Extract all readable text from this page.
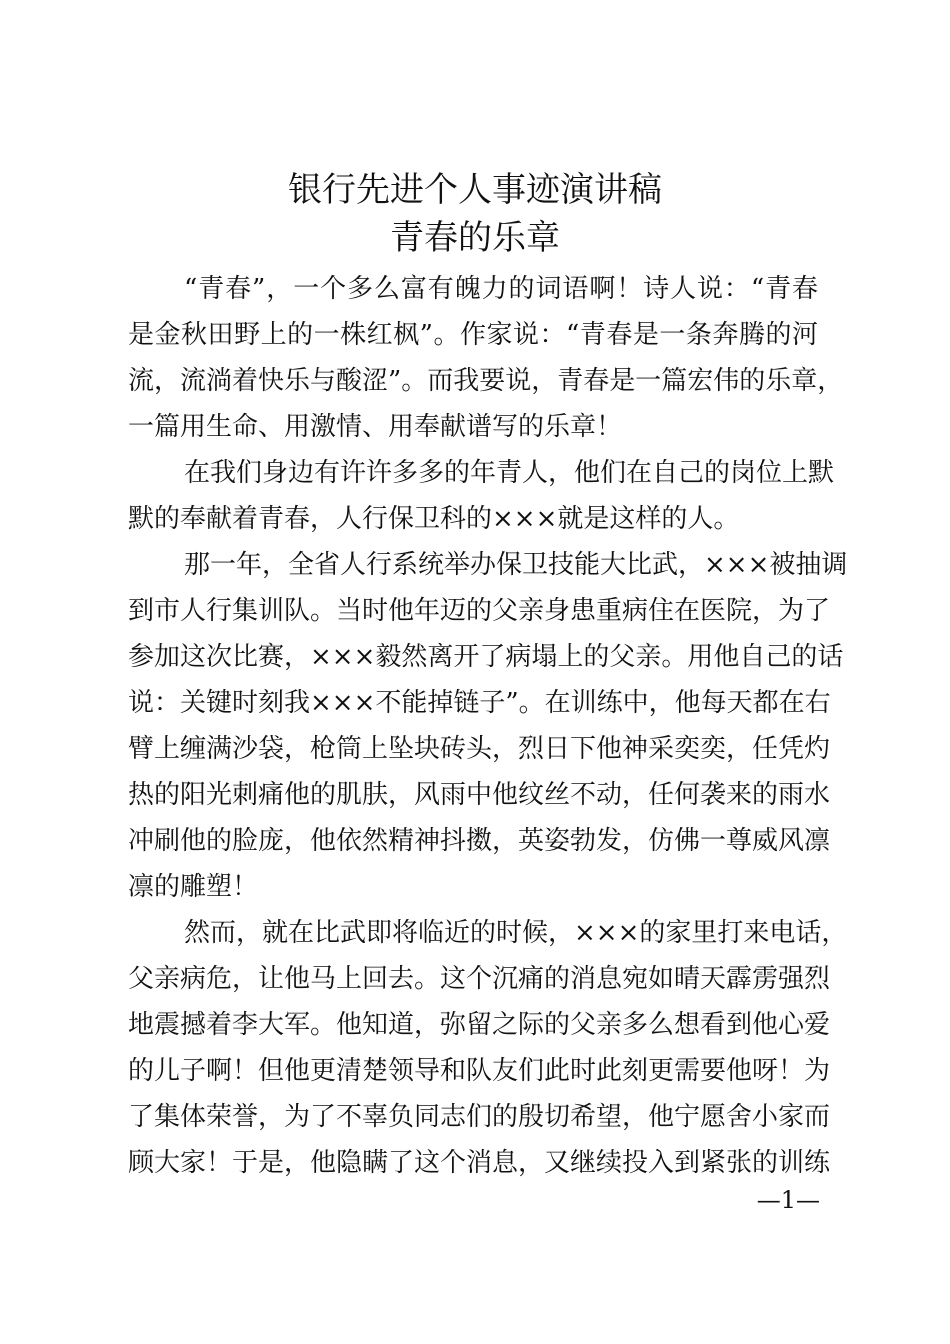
银行先进个人事迹演讲稿
青春的乐章
“青春”，一个多么富有魄力的词语啊！诗人说：“青春
是金秋田野上的一株红枫”。作家说：“青春是一条奔腾的河
流，流淌着快乐与酸涩”。而我要说，青春是一篇宏伟的乐章，
一篇用生命、用激情、用奉献谱写的乐章！
在我们身边有许许多多的年青人，他们在自己的岗位上默
默的奉献着青春，人行保卫科的×××就是这样的人。
那一年，全省人行系统举办保卫技能大比武，×××被抽调
到市人行集训队。当时他年迈的父亲身患重病住在医院，为了
参加这次比赛，×××毅然离开了病塌上的父亲。用他自己的话
说：关键时刻我×××不能掉链子”。在训练中，他每天都在右
臂上缠满沙袋，枪筒上坠块砖头，烈日下他神采奕奕，任凭灼
热的阳光刺痛他的肌肤，风雨中他纹丝不动，任何袭来的雨水
冲刷他的脸庞，他依然精神抖擞，英姿勃发，仿佛一尊威风凛
凛的雕塑！
然而，就在比武即将临近的时候，×××的家里打来电话，
父亲病危，让他马上回去。这个沉痛的消息宛如晴天霹雳强烈
地震撼着李大军。他知道，弥留之际的父亲多么想看到他心爱
的儿子啊！但他更清楚领导和队友们此时此刻更需要他呀！为
了集体荣誉，为了不辜负同志们的殷切希望，他宁愿舍小家而
顾大家！于是，他隐瞒了这个消息，又继续投入到紧张的训练
—1—
